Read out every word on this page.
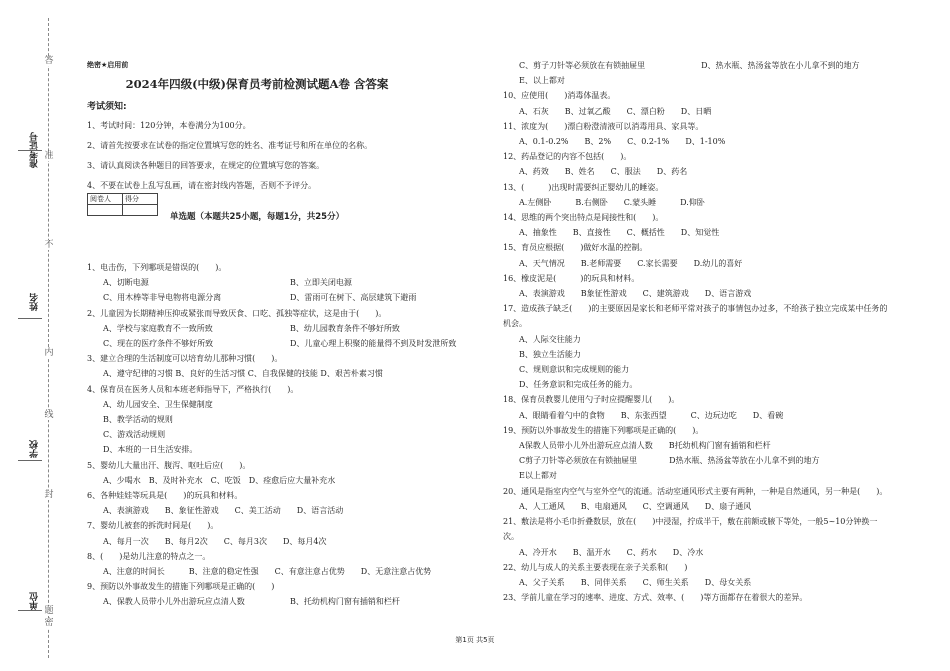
准考证号
姓名
学校
单位
密
封
线
内
不
准
答
题
绝密★启用前
2024年四级(中级)保育员考前检测试题A卷 含答案
考试须知:
1、考试时间：120分钟，本卷满分为100分。
2、请首先按要求在试卷的指定位置填写您的姓名、准考证号和所在单位的名称。
3、请认真阅读各种题目的回答要求，在规定的位置填写您的答案。
4、不要在试卷上乱写乱画，请在密封线内答题，否则不予评分。
阅卷人	得分

单选题（本题共25小题，每题1分，共25分）

1、电击伤，下列哪项是错误的(　　)。

A、切断电源	B、立即关闭电源
C、用木棒等非导电物将电源分离	D、雷雨可在树下、高层建筑下避雨

2、儿童因为长期精神压抑或紧张而导致厌食、口吃、孤独等症状，这是由于(　　)。

A、学校与家庭教育不一致所致	B、幼儿园教育条件不够好所致
C、现在的医疗条件不够好所致	D、儿童心理上积聚的能量得不到及时发泄所致

3、建立合理的生活制度可以培育幼儿那种习惯(　　)。

A、遵守纪律的习惯 B、良好的生活习惯 C、自我保健的技能 D、艰苦朴素习惯

4、保育员在医务人员和本班老师指导下，严格执行(　　)。

A、幼儿园安全、卫生保健制度

B、教学活动的规则

C、游戏活动规则

D、本班的一日生活安排。

5、婴幼儿大量出汗、腹泻、呕吐后应(　　)。

A、少喝水　B、及时补充水　C、吃饭　D、痊愈后应大量补充水

6、各种娃娃等玩具是(　　)的玩具和材料。

A、表演游戏　　B、象征性游戏　　C、美工活动　　D、语言活动

7、婴幼儿被套的拆洗时间是(　　)。

A、每月一次　　B、每月2次　　C、每月3次　　D、每月4次

8、(　　)是幼儿注意的特点之一。

A、注意的时间长　　　B、注意的稳定性强　　C、有意注意占优势　　D、无意注意占优势

9、预防以外事故发生的措施下列哪项是正确的(　　)

A、保教人员带小儿外出游玩应点清人数	B、托幼机构门窗有插销和栏杆

C、剪子刀针等必须放在有锁抽屉里　　　　　　　D、热水瓶、热汤盆等放在小儿拿不到的地方

E、以上都对

10、应使用(　　)消毒体温表。

A、石灰　　B、过氧乙酸　　C、漂白粉　　D、日晒

11、浓度为(　　)漂白粉澄清液可以消毒用具、家具等。

A、0.1-0.2%　　B、2%　　C、0.2-1%　　D、1-10%

12、药品登记的内容不包括(　　)。

A、药效　　B、姓名　　C、服法　　D、药名

13、(　　　)出现时需要纠正婴幼儿的睡姿。

A.左侧卧　　　B.右侧卧　　C.蒙头睡　　　D.仰卧

14、思维的两个突出特点是间接性和(　　)。

A、抽象性　　B、直接性　　C、概括性　　D、知觉性

15、育员应根据(　　)做好水温的控制。

A、天气情况　　B.老师需要　　C.家长需要　　D.幼儿的喜好

16、橡皮泥是(　　　)的玩具和材料。

A、表演游戏　　B象征性游戏　　C、建筑游戏　　D、语言游戏

17、造成孩子缺乏(　　)的主要原因是家长和老师平常对孩子的事情包办过多，不给孩子独立完成某中任务的机会。

A、人际交往能力

B、独立生活能力

C、规则意识和完成规则的能力

D、任务意识和完成任务的能力。

18、保育员教婴儿使用勺子时应提醒婴儿(　　)。

A、眼睛看着勺中的食物　　B、东张西望　　　C、边玩边吃　　D、看碗

19、预防以外事故发生的措施下列哪项是正确的(　　)。

A保教人员带小儿外出游玩应点清人数　　B托幼机构门窗有插销和栏杆

C剪子刀针等必须放在有锁抽屉里　　　　D热水瓶、热汤盆等放在小儿拿不到的地方

E以上都对

20、通风是指室内空气与室外空气的流通。活动室通风形式主要有两种，一种是自然通风，另一种是(　　)。

A、人工通风　　B、电扇通风　　C、空调通风　　D、扇子通风

21、敷法是将小毛巾折叠数层，放在(　　)中浸湿，拧成半干，敷在前额或腋下等处，一般5~10分钟换一次。

A、冷开水　　B、温开水　　C、药水　　D、冷水

22、幼儿与成人的关系主要表现在亲子关系和(　　)

A、父子关系　　B、同伴关系　　C、师生关系　　D、母女关系

23、学前儿童在学习的速率、进度、方式、效率、(　　)等方面都存在着很大的差异。

第1页 共5页
